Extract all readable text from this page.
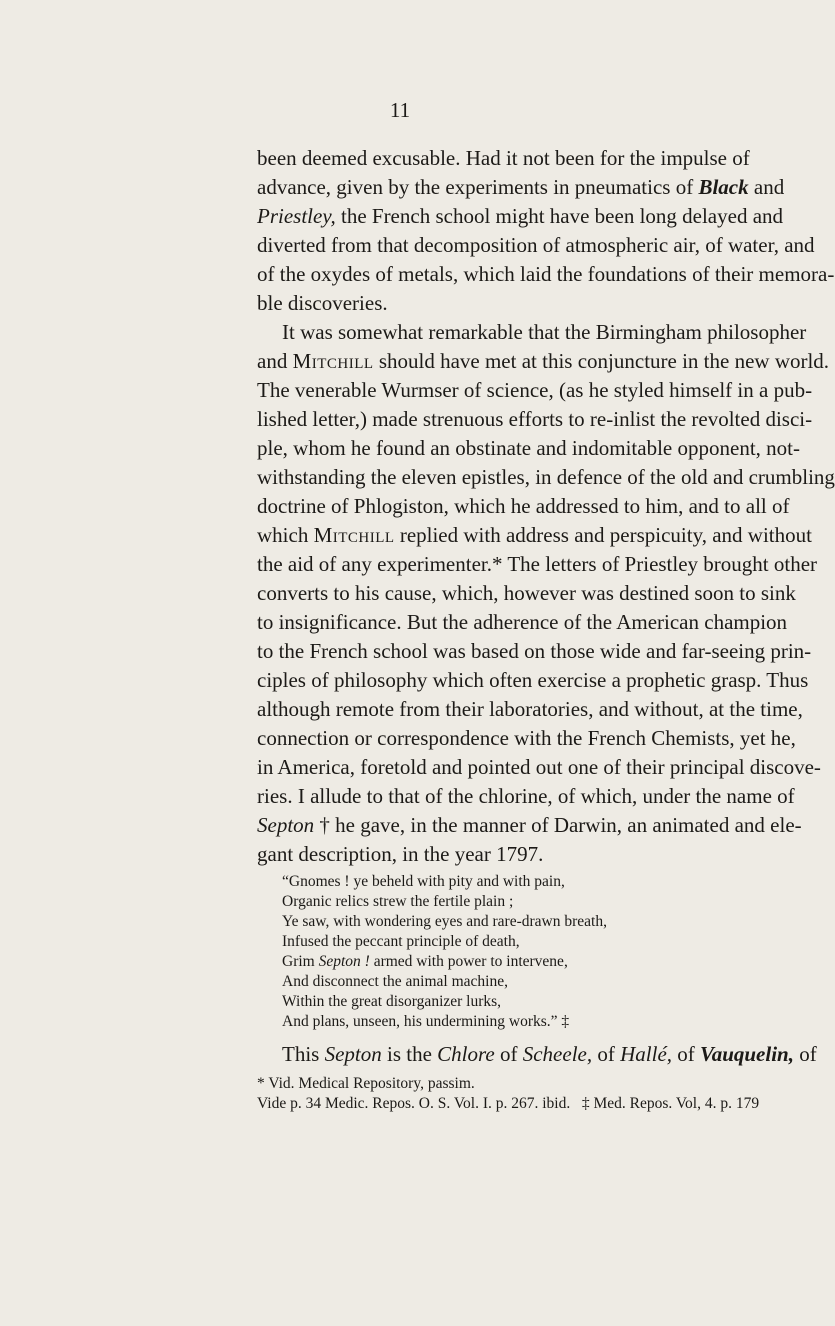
11
been deemed excusable. Had it not been for the impulse of
advance, given by the experiments in pneumatics of Black and
Priestley, the French school might have been long delayed and
diverted from that decomposition of atmospheric air, of water, and
of the oxydes of metals, which laid the foundations of their memora-
ble discoveries.
It was somewhat remarkable that the Birmingham philosopher
and Mitchill should have met at this conjuncture in the new world.
The venerable Wurmser of science, (as he styled himself in a pub-
lished letter,) made strenuous efforts to re-inlist the revolted disci-
ple, whom he found an obstinate and indomitable opponent, not-
withstanding the eleven epistles, in defence of the old and crumbling
doctrine of Phlogiston, which he addressed to him, and to all of
which Mitchill replied with address and perspicuity, and without
the aid of any experimenter.* The letters of Priestley brought other
converts to his cause, which, however was destined soon to sink
to insignificance. But the adherence of the American champion
to the French school was based on those wide and far-seeing prin-
ciples of philosophy which often exercise a prophetic grasp. Thus
although remote from their laboratories, and without, at the time,
connection or correspondence with the French Chemists, yet he,
in America, foretold and pointed out one of their principal discove-
ries. I allude to that of the chlorine, of which, under the name of
Septon † he gave, in the manner of Darwin, an animated and ele-
gant description, in the year 1797.
“Gnomes ! ye beheld with pity and with pain,
Organic relics strew the fertile plain ;
Ye saw, with wondering eyes and rare-drawn breath,
Infused the peccant principle of death,
Grim Septon ! armed with power to intervene,
And disconnect the animal machine,
Within the great disorganizer lurks,
And plans, unseen, his undermining works.” ‡
This Septon is the Chlore of Scheele, of Hallé, of Vauquelin, of
* Vid. Medical Repository, passim.
Vide p. 34 Medic. Repos. O. S. Vol. I. p. 267. ibid. ‡ Med. Repos. Vol, 4. p. 179
